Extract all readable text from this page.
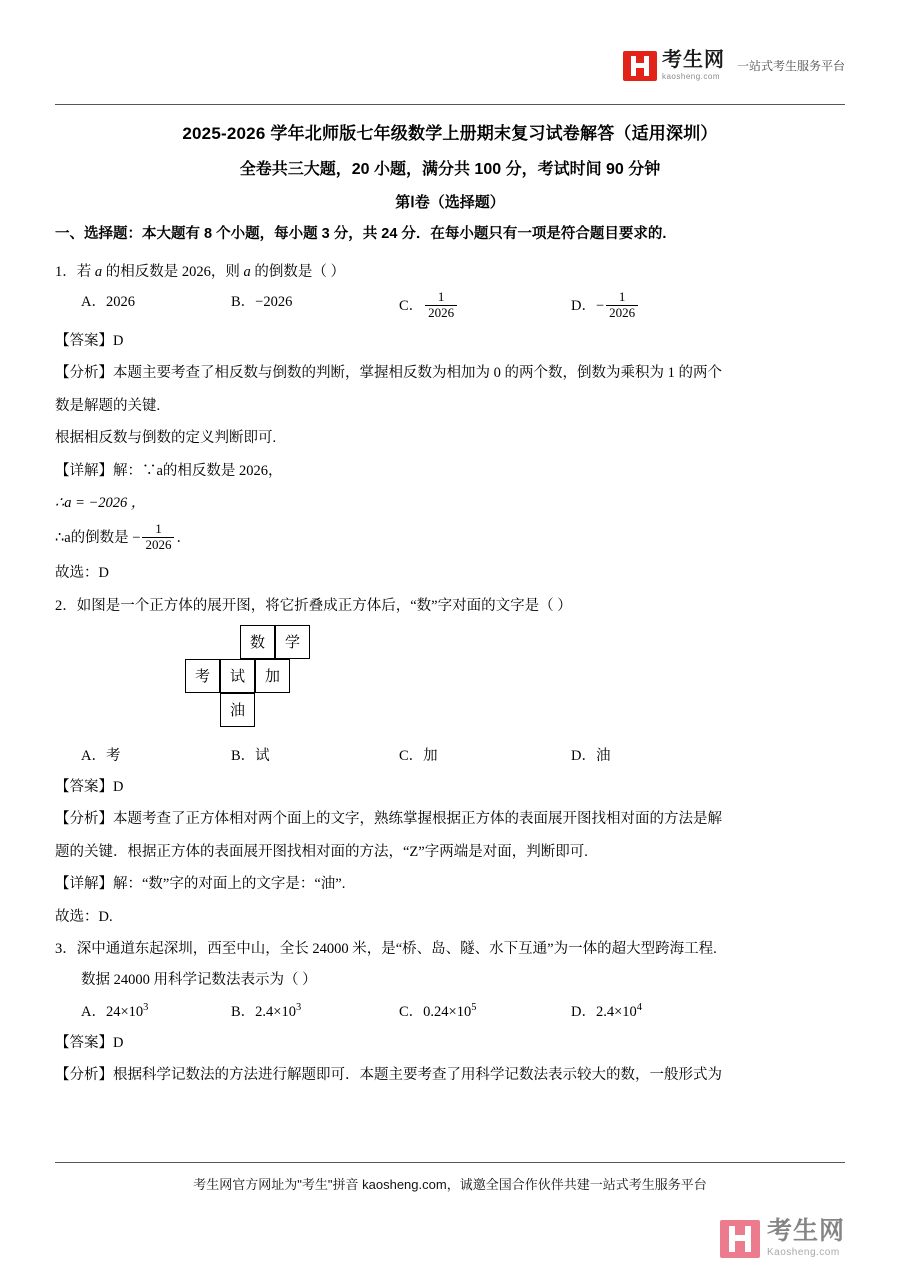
考生网
kaosheng.com
一站式考生服务平台
2025-2026 学年北师版七年级数学上册期末复习试卷解答（适用深圳）
全卷共三大题，20 小题，满分共 100 分，考试时间 90 分钟
第Ⅰ卷（选择题）

一、选择题：本大题有 8 个小题，每小题 3 分，共 24 分．在每小题只有一项是符合题目要求的.

1．若 a 的相反数是 2026，则 a 的倒数是（ ）

A．2026	B．−2026	C． $\frac{1}{2026}$	D．− $\frac{1}{2026}$

【答案】D

【分析】本题主要考查了相反数与倒数的判断，掌握相反数为相加为 0 的两个数，倒数为乘积为 1 的两个

数是解题的关键.

根据相反数与倒数的定义判断即可.

【详解】解：∵a的相反数是 2026，

∴a = −2026 ，

∴a的倒数是 − $\frac{1}{2026}$ ．

故选：D

2．如图是一个正方体的展开图，将它折叠成正方体后，“数”字对面的文字是（ ）

数	学
考	试	加
油
A．考	B．试	C．加	D．油

【答案】D

【分析】本题考查了正方体相对两个面上的文字，熟练掌握根据正方体的表面展开图找相对面的方法是解

题的关键．根据正方体的表面展开图找相对面的方法，“Z”字两端是对面，判断即可.

【详解】解：“数”字的对面上的文字是：“油”.

故选：D.

3．深中通道东起深圳，西至中山，全长 24000 米，是“桥、岛、隧、水下互通”为一体的超大型跨海工程.

数据 24000 用科学记数法表示为（ ）

A．$24\times 10^3$	B．$2.4\times 10^3$	C．$0.24\times 10^5$	D．$2.4\times 10^4$

【答案】D

【分析】根据科学记数法的方法进行解题即可．本题主要考查了用科学记数法表示较大的数，一般形式为

考生网官方网址为"考生"拼音 kaosheng.com，诚邀全国合作伙伴共建一站式考生服务平台
考生网
Kaosheng.com
